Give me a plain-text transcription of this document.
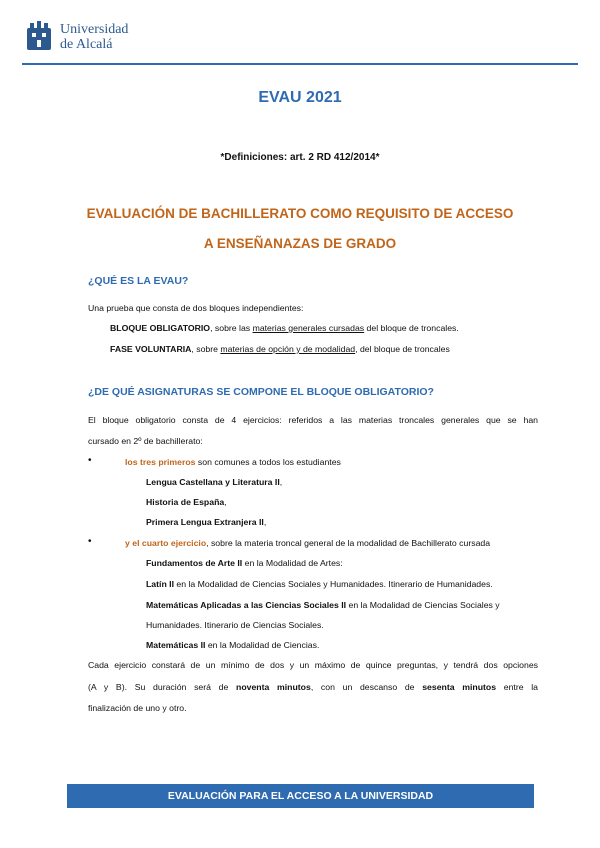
Universidad
de Alcalá
EVAU 2021
*Definiciones: art. 2 RD 412/2014*
EVALUACIÓN DE BACHILLERATO COMO REQUISITO DE ACCESO
A ENSEÑANAZAS DE GRADO
¿QUÉ ES LA EVAU?
Una prueba que consta de dos bloques independientes:
BLOQUE OBLIGATORIO, sobre las materias generales cursadas del bloque de troncales.
FASE VOLUNTARIA, sobre materias de opción y de modalidad, del bloque de troncales
¿DE QUÉ ASIGNATURAS SE COMPONE EL BLOQUE OBLIGATORIO?
El bloque obligatorio consta de 4 ejercicios: referidos a las materias troncales generales que se han
cursado en 2º de bachillerato:
•	los tres primeros son comunes a todos los estudiantes
Lengua Castellana y Literatura II,
Historia de España,
Primera Lengua Extranjera II,
•	y el cuarto ejercicio, sobre la materia troncal general de la modalidad de Bachillerato cursada
Fundamentos de Arte II en la Modalidad de Artes:
Latín II en la Modalidad de Ciencias Sociales y Humanidades. Itinerario de Humanidades.
Matemáticas Aplicadas a las Ciencias Sociales II en la Modalidad de Ciencias Sociales y
Humanidades. Itinerario de Ciencias Sociales.
Matemáticas II en la Modalidad de Ciencias.
Cada ejercicio constará de un mínimo de dos y un máximo de quince preguntas, y tendrá dos opciones
(A y B). Su duración será de noventa minutos, con un descanso de sesenta minutos entre la
finalización de uno y otro.
EVALUACIÓN PARA EL ACCESO A LA UNIVERSIDAD
